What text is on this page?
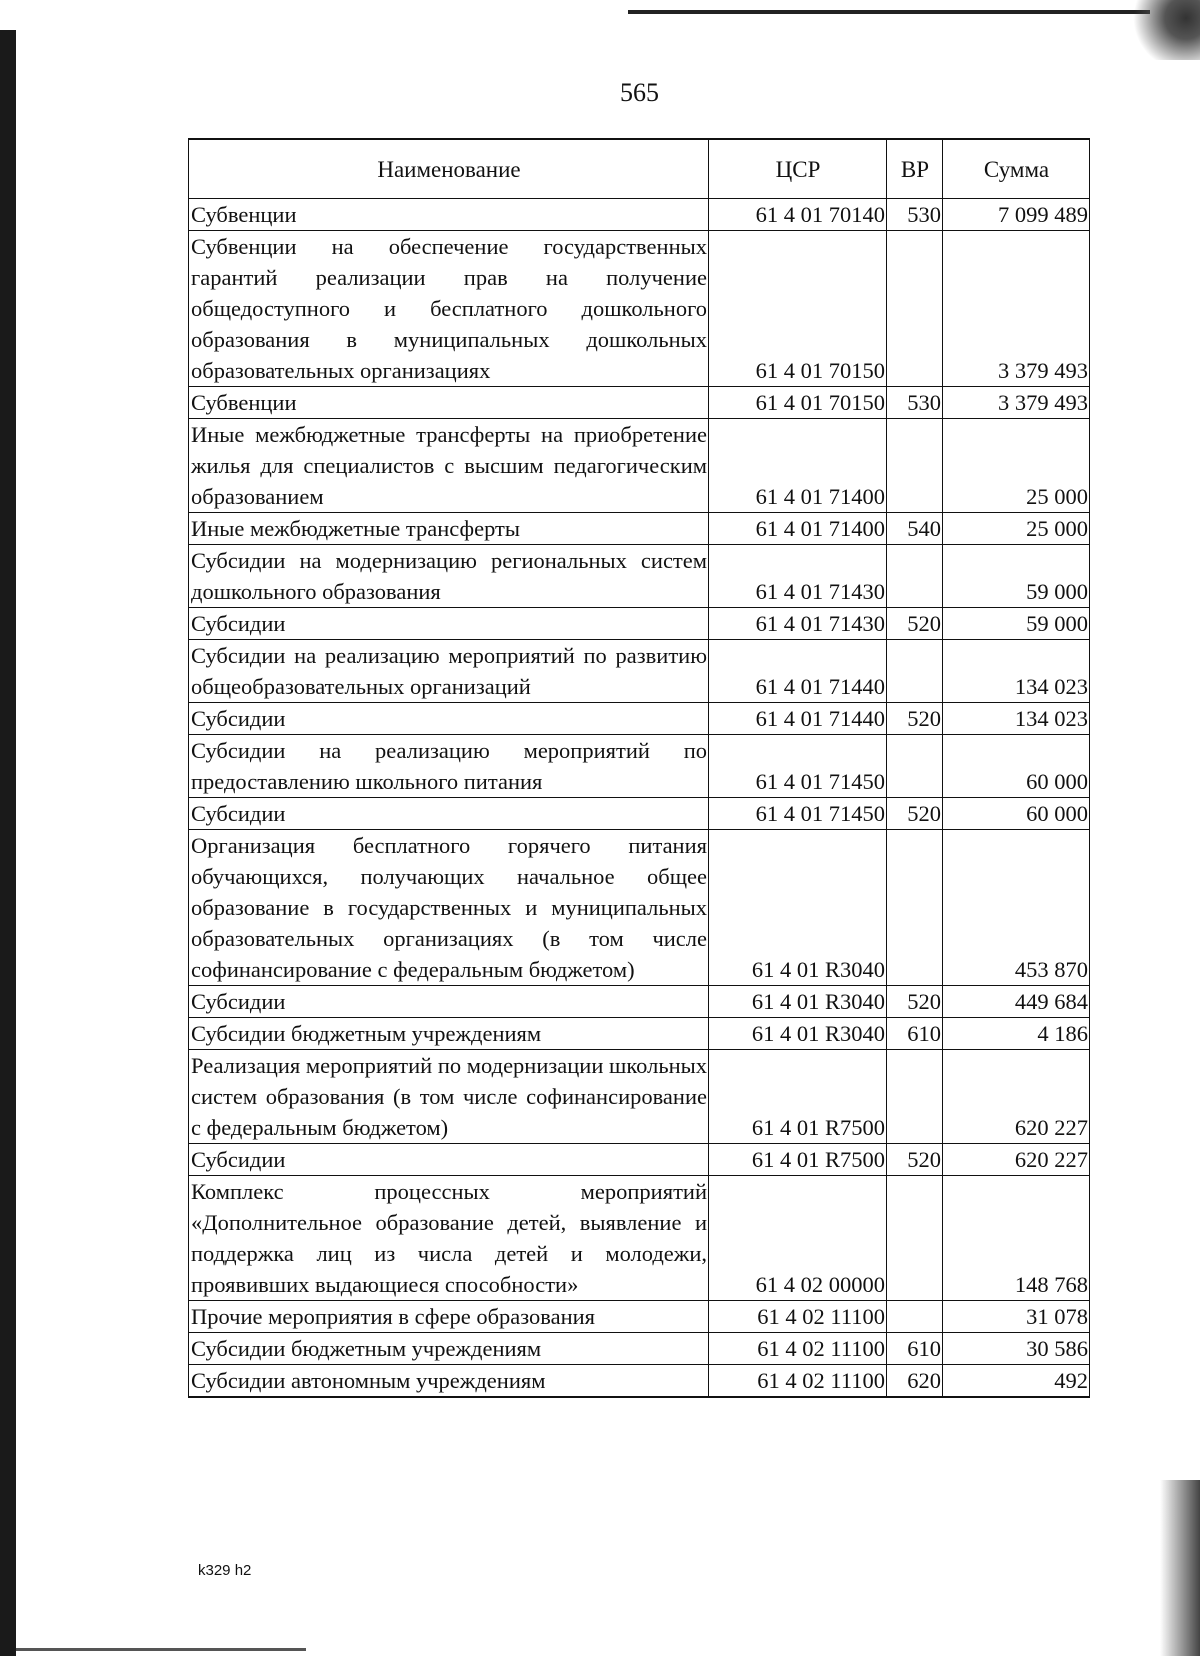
565
Наименование	ЦСР	ВР	Сумма
Субвенции	61 4 01 70140	530	7 099 489
Субвенции на обеспечение государственных гарантий реализации прав на получение общедоступного и бесплатного дошкольного образования в муниципальных дошкольных образовательных организациях	61 4 01 70150		3 379 493
Субвенции	61 4 01 70150	530	3 379 493
Иные межбюджетные трансферты на приобретение жилья для специалистов с высшим педагогическим образованием	61 4 01 71400		25 000
Иные межбюджетные трансферты	61 4 01 71400	540	25 000
Субсидии на модернизацию региональных систем дошкольного образования	61 4 01 71430		59 000
Субсидии	61 4 01 71430	520	59 000
Субсидии на реализацию мероприятий по развитию общеобразовательных организаций	61 4 01 71440		134 023
Субсидии	61 4 01 71440	520	134 023
Субсидии на реализацию мероприятий по предоставлению школьного питания	61 4 01 71450		60 000
Субсидии	61 4 01 71450	520	60 000
Организация бесплатного горячего питания обучающихся, получающих начальное общее образование в государственных и муниципальных образовательных организациях (в том числе софинансирование с федеральным бюджетом)	61 4 01 R3040		453 870
Субсидии	61 4 01 R3040	520	449 684
Субсидии бюджетным учреждениям	61 4 01 R3040	610	4 186
Реализация мероприятий по модернизации школьных систем образования (в том числе софинансирование с федеральным бюджетом)	61 4 01 R7500		620 227
Субсидии	61 4 01 R7500	520	620 227
Комплекс процессных мероприятий «Дополнительное образование детей, выявление и поддержка лиц из числа детей и молодежи, проявивших выдающиеся способности»	61 4 02 00000		148 768
Прочие мероприятия в сфере образования	61 4 02 11100		31 078
Субсидии бюджетным учреждениям	61 4 02 11100	610	30 586
Субсидии автономным учреждениям	61 4 02 11100	620	492
k329 h2
